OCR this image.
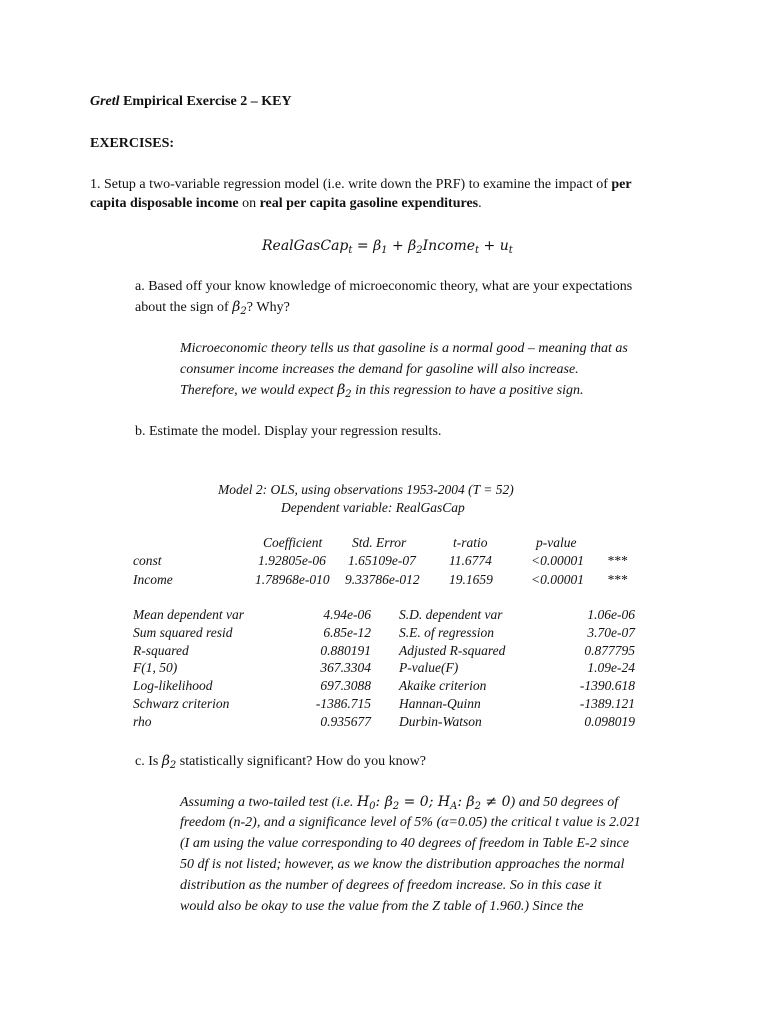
Gretl Empirical Exercise 2 – KEY
EXERCISES:
1. Setup a two-variable regression model (i.e. write down the PRF) to examine the impact of per
capita disposable income on real per capita gasoline expenditures.
RealGasCap$_t$ = $\beta_1$ + $\beta_2Income_t + u_t$
a. Based off your know knowledge of microeconomic theory, what are your expectations
about the sign of $\beta_2$? Why?
Microeconomic theory tells us that gasoline is a normal good – meaning that as
consumer income increases the demand for gasoline will also increase.
Therefore, we would expect $\beta_2$ in this regression to have a positive sign.
b. Estimate the model. Display your regression results.
Model 2: OLS, using observations 1953-2004 (T = 52)
Dependent variable: RealGasCap
Coefficient Std. Error	t-ratio	p-value
const	1.92805e-06 1.65109e-07 11.6774	<0.00001 ***
Income	1.78968e-010 9.33786e-012 19.1659	<0.00001 ***
Mean dependent var	4.94e-06 S.D. dependent var	1.06e-06
Sum squared resid	6.85e-12 S.E. of regression	3.70e-07
R-squared	0.880191 Adjusted R-squared	0.877795
F(1, 50)	367.3304 P-value(F)	1.09e-24
Log-likelihood	697.3088 Akaike criterion	-1390.618
Schwarz criterion	-1386.715 Hannan-Quinn	-1389.121
rho	0.935677 Durbin-Watson	0.098019
c. Is $\beta_2$ statistically significant? How do you know?
Assuming a two-tailed test (i.e. $H_0$: $\beta_2 = 0$; $H_A$: $\beta_2 \ne 0$) and 50 degrees of
freedom (n-2), and a significance level of 5% (α=0.05) the critical t value is 2.021
(I am using the value corresponding to 40 degrees of freedom in Table E-2 since
50 df is not listed; however, as we know the distribution approaches the normal
distribution as the number of degrees of freedom increase. So in this case it
would also be okay to use the value from the Z table of 1.960.) Since the
